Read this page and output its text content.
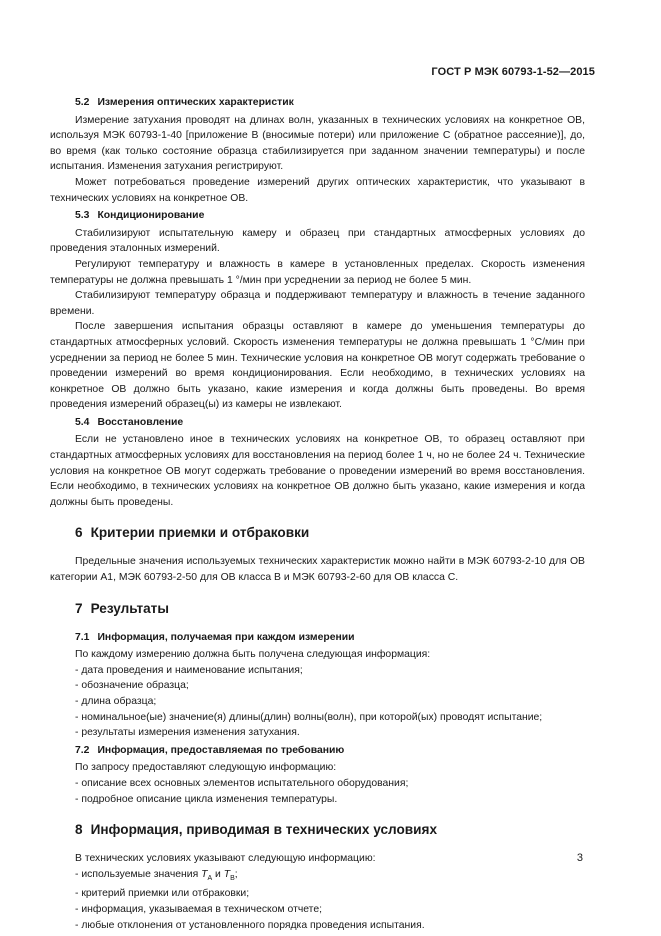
ГОСТ Р МЭК 60793-1-52—2015
5.2 Измерения оптических характеристик

Измерение затухания проводят на длинах волн, указанных в технических условиях на конкретное ОВ, используя МЭК 60793-1-40 [приложение В (вносимые потери) или приложение С (обратное рассеяние)], до, во время (как только состояние образца стабилизируется при заданном значении температуры) и после испытания. Изменения затухания регистрируют.

Может потребоваться проведение измерений других оптических характеристик, что указывают в технических условиях на конкретное ОВ.

5.3 Кондиционирование

Стабилизируют испытательную камеру и образец при стандартных атмосферных условиях до проведения эталонных измерений.

Регулируют температуру и влажность в камере в установленных пределах. Скорость изменения температуры не должна превышать 1 °/мин при усреднении за период не более 5 мин.

Стабилизируют температуру образца и поддерживают температуру и влажность в течение заданного времени.

После завершения испытания образцы оставляют в камере до уменьшения температуры до стандартных атмосферных условий. Скорость изменения температуры не должна превышать 1 °С/мин при усреднении за период не более 5 мин. Технические условия на конкретное ОВ могут содержать требование о проведении измерений во время кондиционирования. Если необходимо, в технических условиях на конкретное ОВ должно быть указано, какие измерения и когда должны быть проведены. Во время проведения измерений образец(ы) из камеры не извлекают.

5.4 Восстановление

Если не установлено иное в технических условиях на конкретное ОВ, то образец оставляют при стандартных атмосферных условиях для восстановления на период более 1 ч, но не более 24 ч. Технические условия на конкретное ОВ могут содержать требование о проведении измерений во время восстановления. Если необходимо, в технических условиях на конкретное ОВ должно быть указано, какие измерения и когда должны быть проведены.

6 Критерии приемки и отбраковки

Предельные значения используемых технических характеристик можно найти в МЭК 60793-2-10 для ОВ категории А1, МЭК 60793-2-50 для ОВ класса В и МЭК 60793-2-60 для ОВ класса С.

7 Результаты
7.1 Информация, получаемая при каждом измерении
По каждому измерению должна быть получена следующая информация:
- дата проведения и наименование испытания;
- обозначение образца;
- длина образца;
- номинальное(ые) значение(я) длины(длин) волны(волн), при которой(ых) проводят испытание;
- результаты измерения изменения затухания.
7.2 Информация, предоставляемая по требованию
По запросу предоставляют следующую информацию:
- описание всех основных элементов испытательного оборудования;
- подробное описание цикла изменения температуры.
8 Информация, приводимая в технических условиях
В технических условиях указывают следующую информацию:
- используемые значения $T_A$ и $T_B$;
- критерий приемки или отбраковки;
- информация, указываемая в техническом отчете;
- любые отклонения от установленного порядка проведения испытания.
3
